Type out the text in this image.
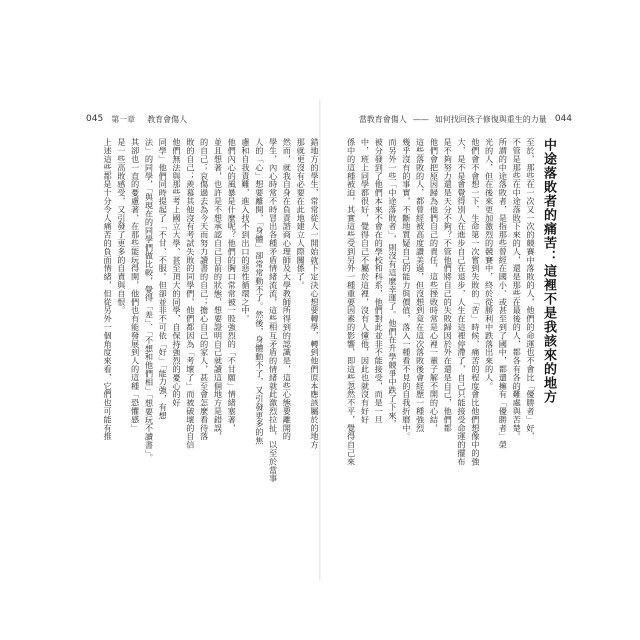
045 第一章 教育會傷人	當教育會傷人 —— 如何找回孩子修復與重生的力量 044
錯地方的學生，常常從人一開始就下定決心想要轉學，轉到他們原本應該屬於的地方
那就更沒有必要在此地建立人際關係了。
然而，就我自身在負責諮商心理師及大學教師所得到的認識是，這些心態要離開的
學生，內心時常不時冒出各種矛盾情緒流流，這些相互矛盾的情緒就此激烈拉扯，以至於當事
人的「心」想要離開，「身體」卻常常動不了。然後，身體動不了，又引發更多的焦
慮和自我責難，進入找不到出口的惡性循環之中。
他們內心的風暴是什麼呢？他們的胸口常常被一股強烈的「不甘願」情緒塞著，
並且想著，也許是不想承認自己目前的狀態，想要證明自己就讀這個地方是錯誤，
的自己；哀傷過去為今天而努力讀書的自己；擔心自己的家人，甚至會怎麼看待落
敗的自己；羨慕其他沒有考試失敗的同學們，他們都因為「考壞了」而被破壞的自信
他們無法與那些考上國立大學、甚至頂大的同學，自保持強烈的憂心的好
同學」他們同時提起了「不甘、不服。但卻並非不可依「好」「能力強，有想
法」的同學，「與現在的同學們做比較，覺得「差」、「不想和他們相」「想要玩不讀書」。
其卻也一直的憂慮著，在那些能玩得開，他們也有能發展到人的這種「恐懼感」
是一些高敗感受，又引發了更多的自責與自恨。
上述這些都是十分令人痛苦的負面情緒，但從另外一個角度來看，它們也可能有推	中途落敗者的痛苦：這裡不是我該來的地方
至於，那些在一次又一次的競賽中落敗的人，他們的命運也不會比「優勝者」好，
不管是那些在中途落敗下來的人，還是那些在最後的人，都各有各的難處與苦楚。
所謂的中途落敗者，是指那些曾經在國小、或甚至到了國中，都還擁有「優勝者」榮
光的人，但在後來更加激烈的競賽中，終於從勝利中跌落出來的人。
他們會不會想一下，生命第一次嘗到失敗的「苦」時候，痛苦的程度會比他們想像中的強
大，是不是會覺得別人在進步自己在退步，人生在這裡停滯了，自己只能接受命運的擺布
是不夠努力還是天分不夠？不管他們將自己的失敗歸因於外在還是自己，他們都
他們會把原因歸為他們自己的責任，這些挫敗時常是心裡一輩子解不開的心結，
這些落敗的人，都曾經被高度讚美過，但沒想到竟在這次落敗後會經歷一種強烈
幾乎沒有的事實，不斷地質疑自己的能力與價值，落入一種看不見的自我折磨中。
而另外一些「中途落敗者」，則沒有這麼幸運了。他們在升學競爭中跌了下來，
被分發到了他們本來不會在的學校和科系，他們對此並非不能接受，而是一旦
中，班上同學都很好，覺得自己不屬於這裡，沒有人懂他，因此也就沒有好好
係中的這種被迫，其實這些受到另外一種重要因素的影響，即這些忽然不平，覺得自己來
